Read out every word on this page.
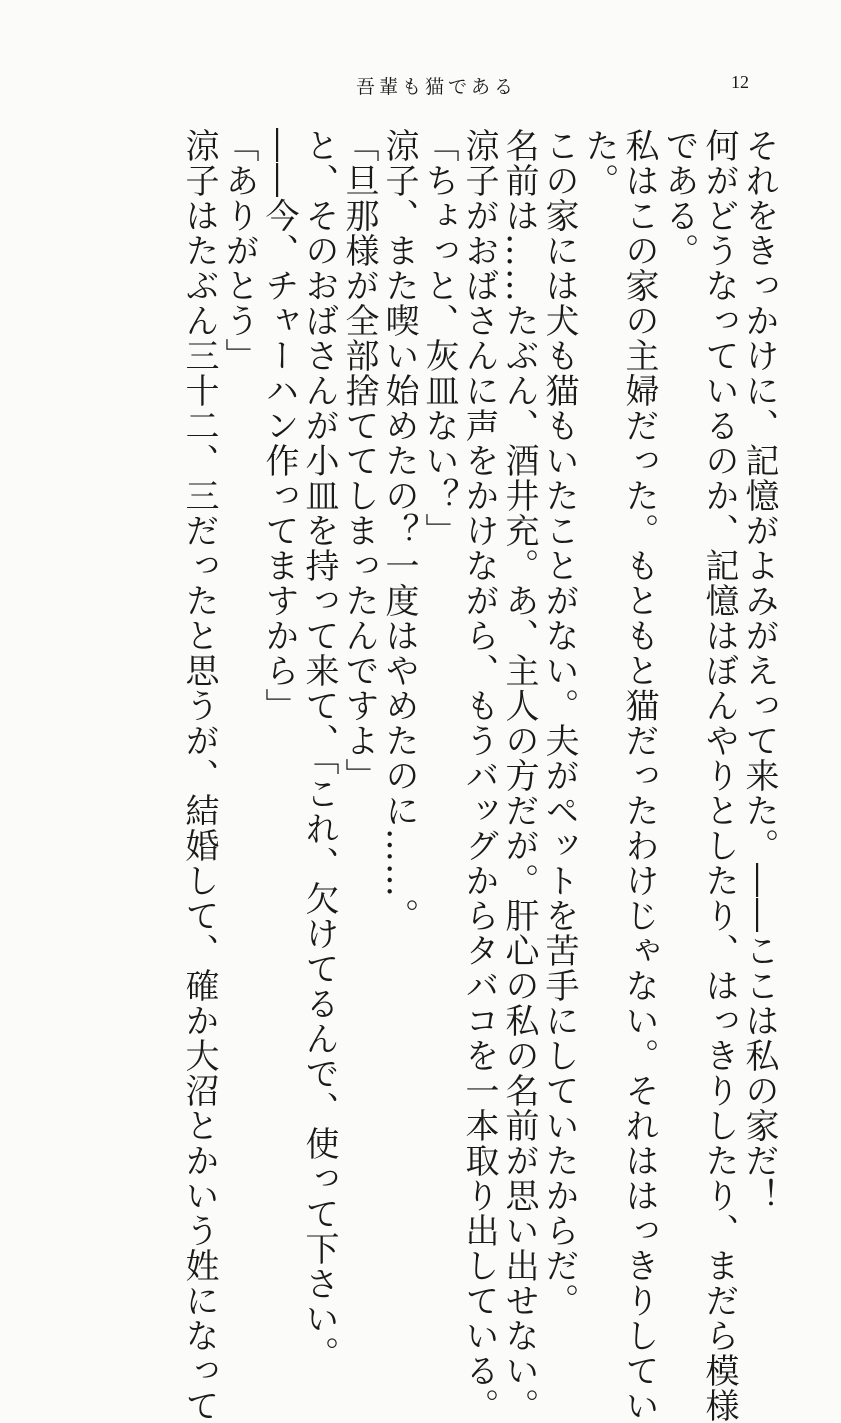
吾輩も猫である	12
それをきっかけに、記憶がよみがえって来た。――ここは私の家だ！
何がどうなっているのか、記憶はぼんやりとしたり、はっきりしたり、まだら模様
である。
私はこの家の主婦だった。もともと猫だったわけじゃない。それははっきりしてい
た。
この家には犬も猫もいたことがない。夫がペットを苦手にしていたからだ。
名前は……たぶん、酒井充。あ、主人の方だが。肝心の私の名前が思い出せない。
涼子がおばさんに声をかけながら、もうバッグからタバコを一本取り出している。
「ちょっと、灰皿ない？」
涼子、また喫い始めたの？一度はやめたのに……。
「旦那様が全部捨ててしまったんですよ」
と、そのおばさんが小皿を持って来て、「これ、欠けてるんで、使って下さい。
――今、チャーハン作ってますから」
「ありがとう」
涼子はたぶん三十二、三だったと思うが、結婚して、確か大沼とかいう姓になって
